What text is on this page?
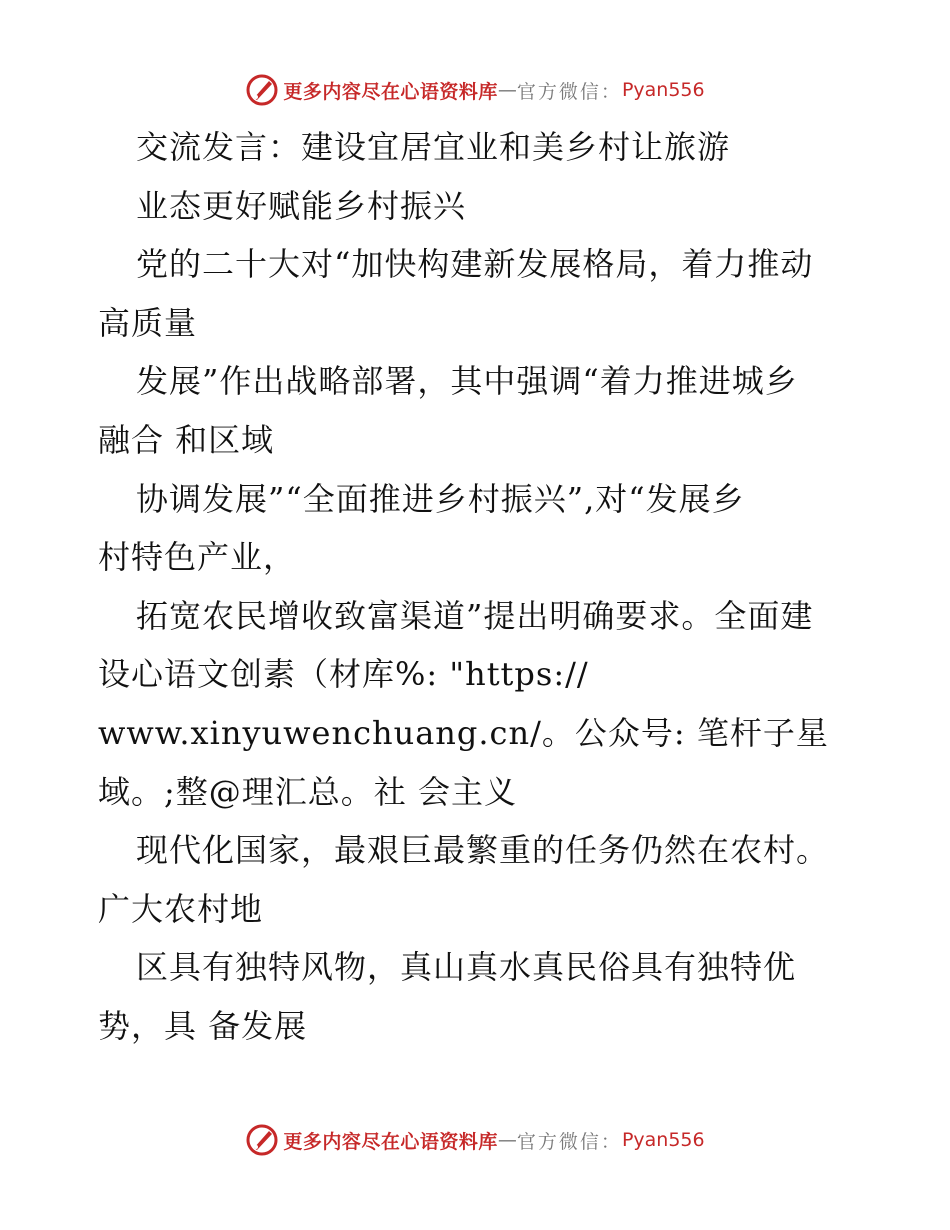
更多内容尽在心语资料库 — 官方微信： Pyan556
交流发言：建设宜居宜业和美乡村让旅游
业态更好赋能乡村振兴
党的二十大对“加快构建新发展格局，着力推动
高质量
发展”作出战略部署，其中强调“着力推进城乡
融合 和区域
协调发展”“全面推进乡村振兴”,对“发展乡
村特色产业，
拓宽农民增收致富渠道”提出明确要求。全面建
设心语文创素（材库%: "https://
www.xinyuwenchuang.cn/。公众号: 笔杆子星
域。;整@理汇总。社 会主义
现代化国家，最艰巨最繁重的任务仍然在农村。
广大农村地
区具有独特风物，真山真水真民俗具有独特优
势，具 备发展
更多内容尽在心语资料库 — 官方微信： Pyan556
